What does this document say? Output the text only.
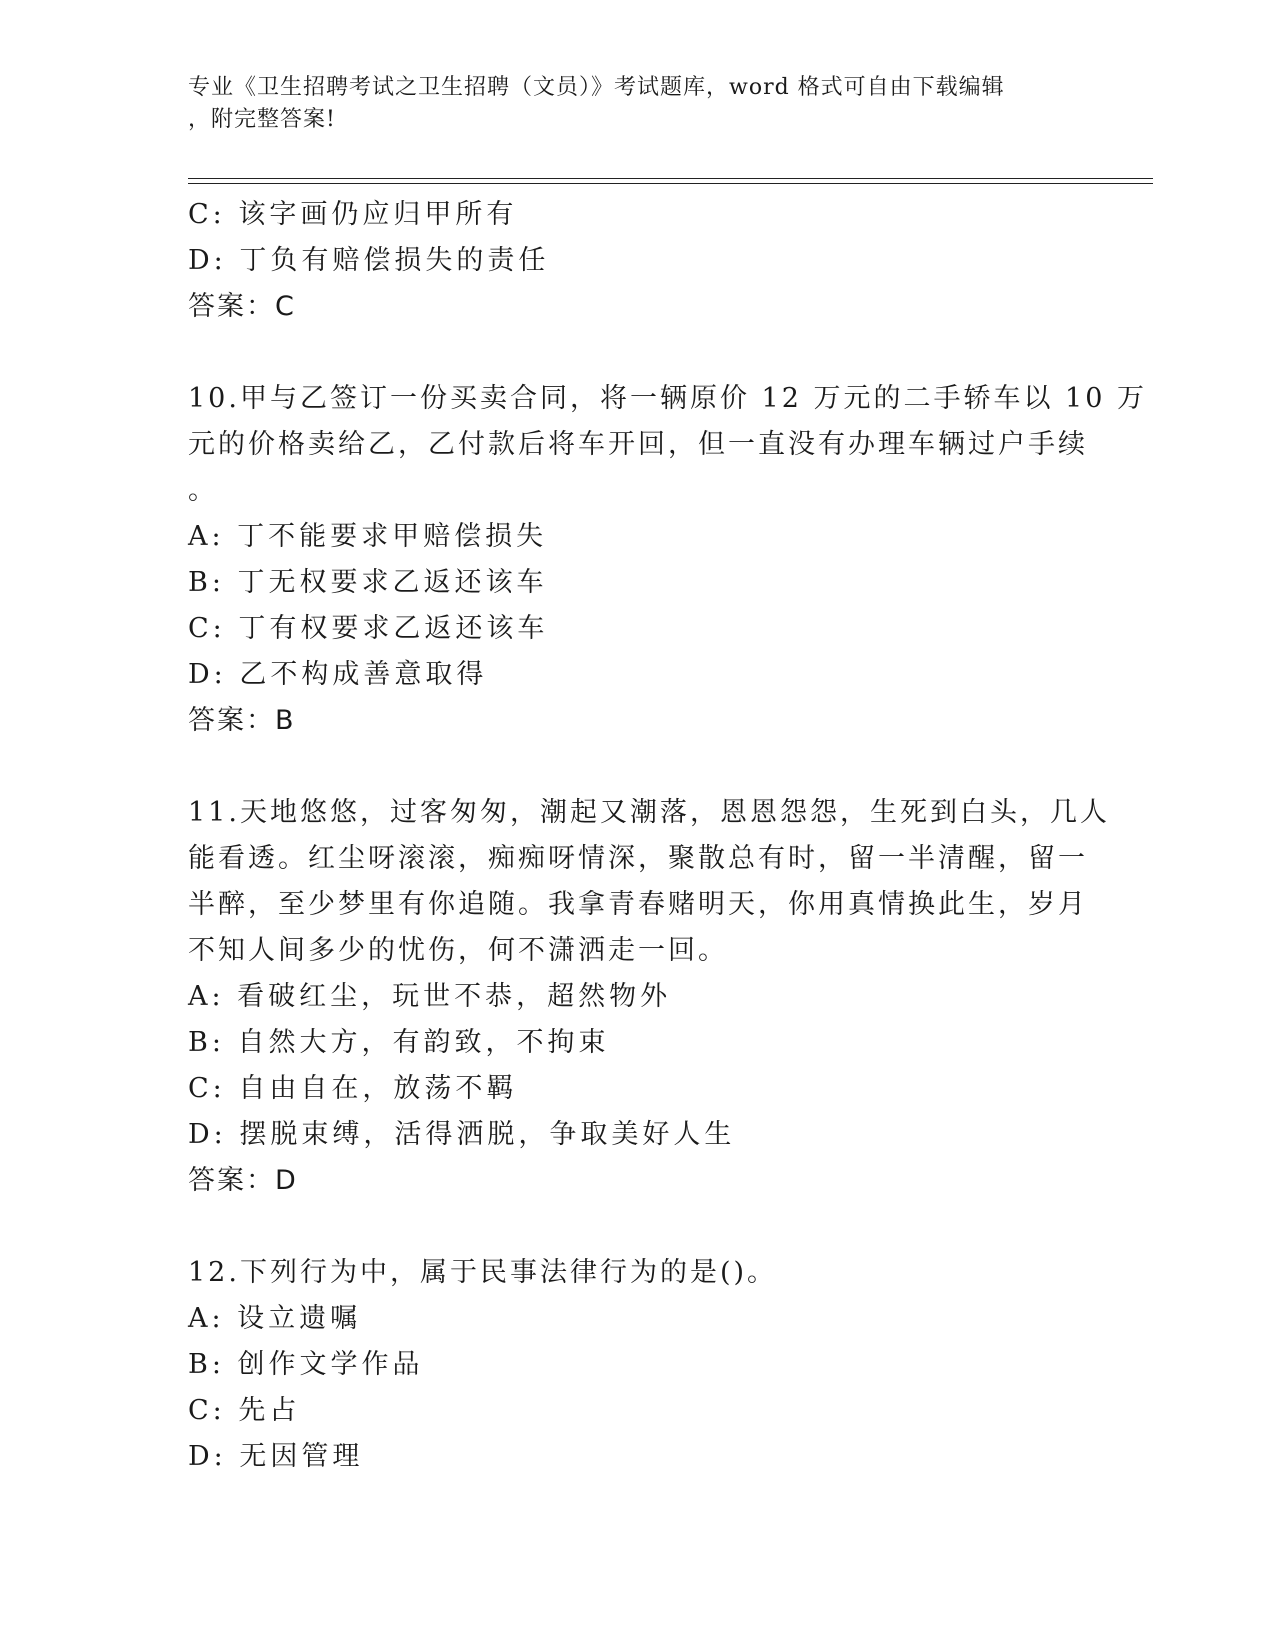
专业《卫生招聘考试之卫生招聘（文员）》考试题库，word 格式可自由下载编辑
，附完整答案!
C: 该字画仍应归甲所有
D: 丁负有赔偿损失的责任
答案：C
10.甲与乙签订一份买卖合同，将一辆原价 12 万元的二手轿车以 10 万
元的价格卖给乙，乙付款后将车开回，但一直没有办理车辆过户手续
。
A: 丁不能要求甲赔偿损失
B: 丁无权要求乙返还该车
C: 丁有权要求乙返还该车
D: 乙不构成善意取得
答案：B
11.天地悠悠，过客匆匆，潮起又潮落，恩恩怨怨，生死到白头，几人
能看透。红尘呀滚滚，痴痴呀情深，聚散总有时，留一半清醒，留一
半醉，至少梦里有你追随。我拿青春赌明天，你用真情换此生，岁月
不知人间多少的忧伤，何不潇洒走一回。
A: 看破红尘，玩世不恭，超然物外
B: 自然大方，有韵致，不拘束
C: 自由自在，放荡不羁
D: 摆脱束缚，活得洒脱，争取美好人生
答案：D
12.下列行为中，属于民事法律行为的是()。
A: 设立遗嘱
B: 创作文学作品
C: 先占
D: 无因管理
